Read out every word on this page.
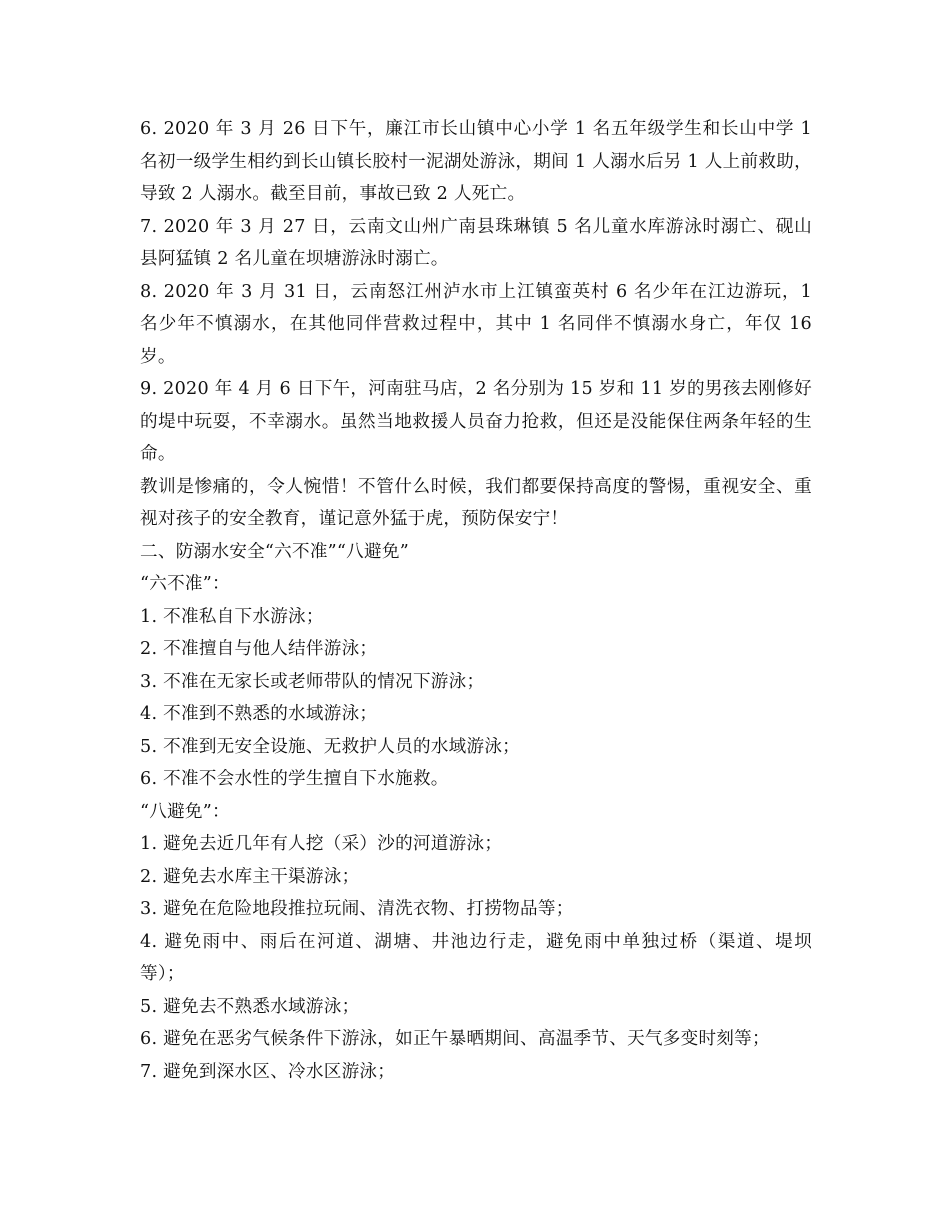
6. 2020 年 3 月 26 日下午，廉江市长山镇中心小学 1 名五年级学生和长山中学 1 名初一级学生相约到长山镇长胶村一泥湖处游泳，期间 1 人溺水后另 1 人上前救助，导致 2 人溺水。截至目前，事故已致 2 人死亡。

7. 2020 年 3 月 27 日，云南文山州广南县珠琳镇 5 名儿童水库游泳时溺亡、砚山县阿猛镇 2 名儿童在坝塘游泳时溺亡。

8. 2020 年 3 月 31 日，云南怒江州泸水市上江镇蛮英村 6 名少年在江边游玩，1 名少年不慎溺水，在其他同伴营救过程中，其中 1 名同伴不慎溺水身亡，年仅 16 岁。

9. 2020 年 4 月 6 日下午，河南驻马店，2 名分别为 15 岁和 11 岁的男孩去刚修好的堤中玩耍，不幸溺水。虽然当地救援人员奋力抢救，但还是没能保住两条年轻的生命。

教训是惨痛的，令人惋惜！不管什么时候，我们都要保持高度的警惕，重视安全、重视对孩子的安全教育，谨记意外猛于虎，预防保安宁！

二、防溺水安全“六不准”“八避免”

“六不准”：

1. 不准私自下水游泳；

2. 不准擅自与他人结伴游泳；

3. 不准在无家长或老师带队的情况下游泳；

4. 不准到不熟悉的水域游泳；

5. 不准到无安全设施、无救护人员的水域游泳；

6. 不准不会水性的学生擅自下水施救。

“八避免”：

1. 避免去近几年有人挖（采）沙的河道游泳；

2. 避免去水库主干渠游泳；

3. 避免在危险地段推拉玩闹、清洗衣物、打捞物品等；

4. 避免雨中、雨后在河道、湖塘、井池边行走，避免雨中单独过桥（渠道、堤坝等）；

5. 避免去不熟悉水域游泳；

6. 避免在恶劣气候条件下游泳，如正午暴晒期间、高温季节、天气多变时刻等；

7. 避免到深水区、冷水区游泳；
